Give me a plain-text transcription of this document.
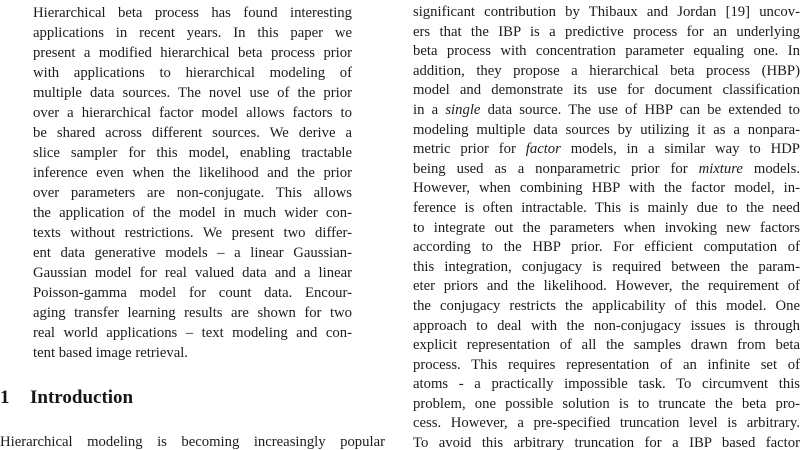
Hierarchical beta process has found interesting
applications in recent years. In this paper we
present a modified hierarchical beta process prior
with applications to hierarchical modeling of
multiple data sources. The novel use of the prior
over a hierarchical factor model allows factors to
be shared across different sources. We derive a
slice sampler for this model, enabling tractable
inference even when the likelihood and the prior
over parameters are non-conjugate. This allows
the application of the model in much wider con-
texts without restrictions. We present two differ-
ent data generative models – a linear Gaussian-
Gaussian model for real valued data and a linear
Poisson-gamma model for count data. Encour-
aging transfer learning results are shown for two
real world applications – text modeling and con-
tent based image retrieval.
1 Introduction
Hierarchical modeling is becoming increasingly popular
significant contribution by Thibaux and Jordan [19] uncov-
ers that the IBP is a predictive process for an underlying
beta process with concentration parameter equaling one. In
addition, they propose a hierarchical beta process (HBP)
model and demonstrate its use for document classification
in a single data source. The use of HBP can be extended to
modeling multiple data sources by utilizing it as a nonpara-
metric prior for factor models, in a similar way to HDP
being used as a nonparametric prior for mixture models.
However, when combining HBP with the factor model, in-
ference is often intractable. This is mainly due to the need
to integrate out the parameters when invoking new factors
according to the HBP prior. For efficient computation of
this integration, conjugacy is required between the param-
eter priors and the likelihood. However, the requirement of
the conjugacy restricts the applicability of this model. One
approach to deal with the non-conjugacy issues is through
explicit representation of all the samples drawn from beta
process. This requires representation of an infinite set of
atoms - a practically impossible task. To circumvent this
problem, one possible solution is to truncate the beta pro-
cess. However, a pre-specified truncation level is arbitrary.
To avoid this arbitrary truncation for a IBP based factor
